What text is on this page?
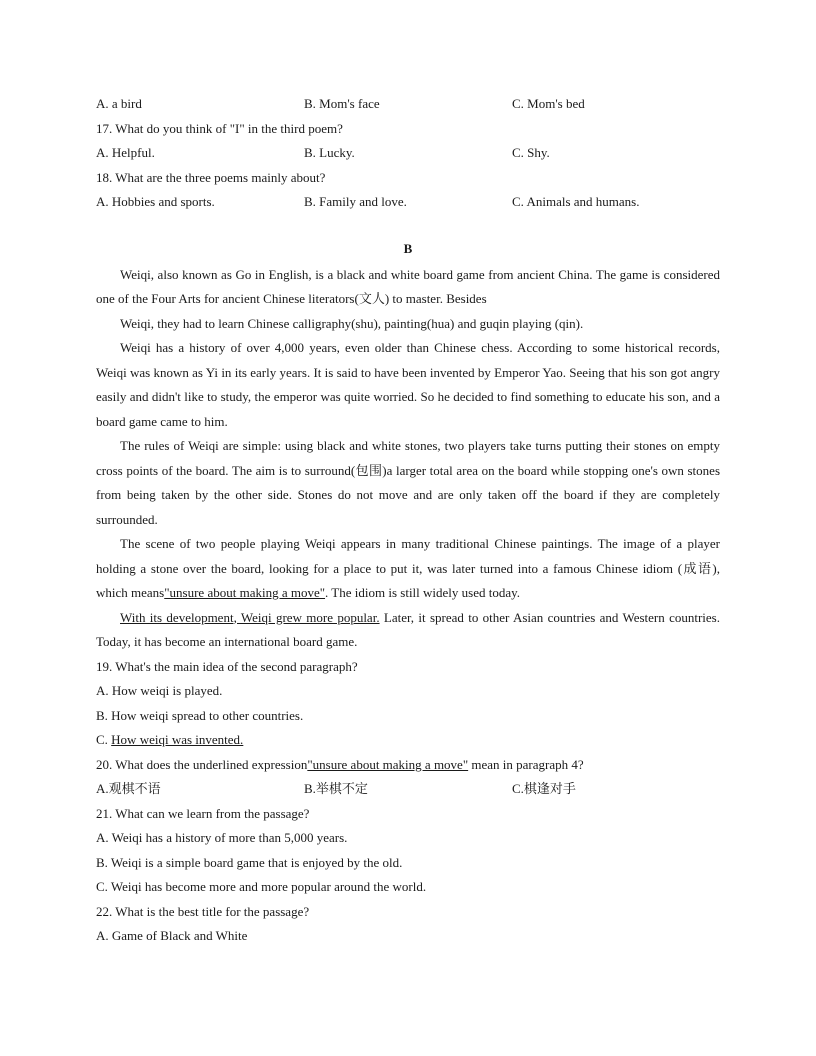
A. a bird	B. Mom's face	C. Mom's bed
17. What do you think of "I" in the third poem?
A. Helpful.	B. Lucky.	C. Shy.
18. What are the three poems mainly about?
A. Hobbies and sports.	B. Family and love.	C. Animals and humans.
B
Weiqi, also known as Go in English, is a black and white board game from ancient China. The game is considered one of the Four Arts for ancient Chinese literators(文人) to master. Besides
Weiqi, they had to learn Chinese calligraphy(shu), painting(hua) and guqin playing (qin).
Weiqi has a history of over 4,000 years, even older than Chinese chess. According to some historical records, Weiqi was known as Yi in its early years. It is said to have been invented by Emperor Yao. Seeing that his son got angry easily and didn't like to study, the emperor was quite worried. So he decided to find something to educate his son, and a board game came to him.
The rules of Weiqi are simple: using black and white stones, two players take turns putting their stones on empty cross points of the board. The aim is to surround(包围)a larger total area on the board while stopping one's own stones from being taken by the other side. Stones do not move and are only taken off the board if they are completely surrounded.
The scene of two people playing Weiqi appears in many traditional Chinese paintings. The image of a player holding a stone over the board, looking for a place to put it, was later turned into a famous Chinese idiom (成语), which means"unsure about making a move". The idiom is still widely used today.
With its development, Weiqi grew more popular. Later, it spread to other Asian countries and Western countries. Today, it has become an international board game.
19. What's the main idea of the second paragraph?
A. How weiqi is played.
B. How weiqi spread to other countries.
C. How weiqi was invented.
20. What does the underlined expression"unsure about making a move" mean in paragraph 4?
A.观棋不语	B.举棋不定	C.棋逢对手
21. What can we learn from the passage?
A. Weiqi has a history of more than 5,000 years.
B. Weiqi is a simple board game that is enjoyed by the old.
C. Weiqi has become more and more popular around the world.
22. What is the best title for the passage?
A. Game of Black and White
